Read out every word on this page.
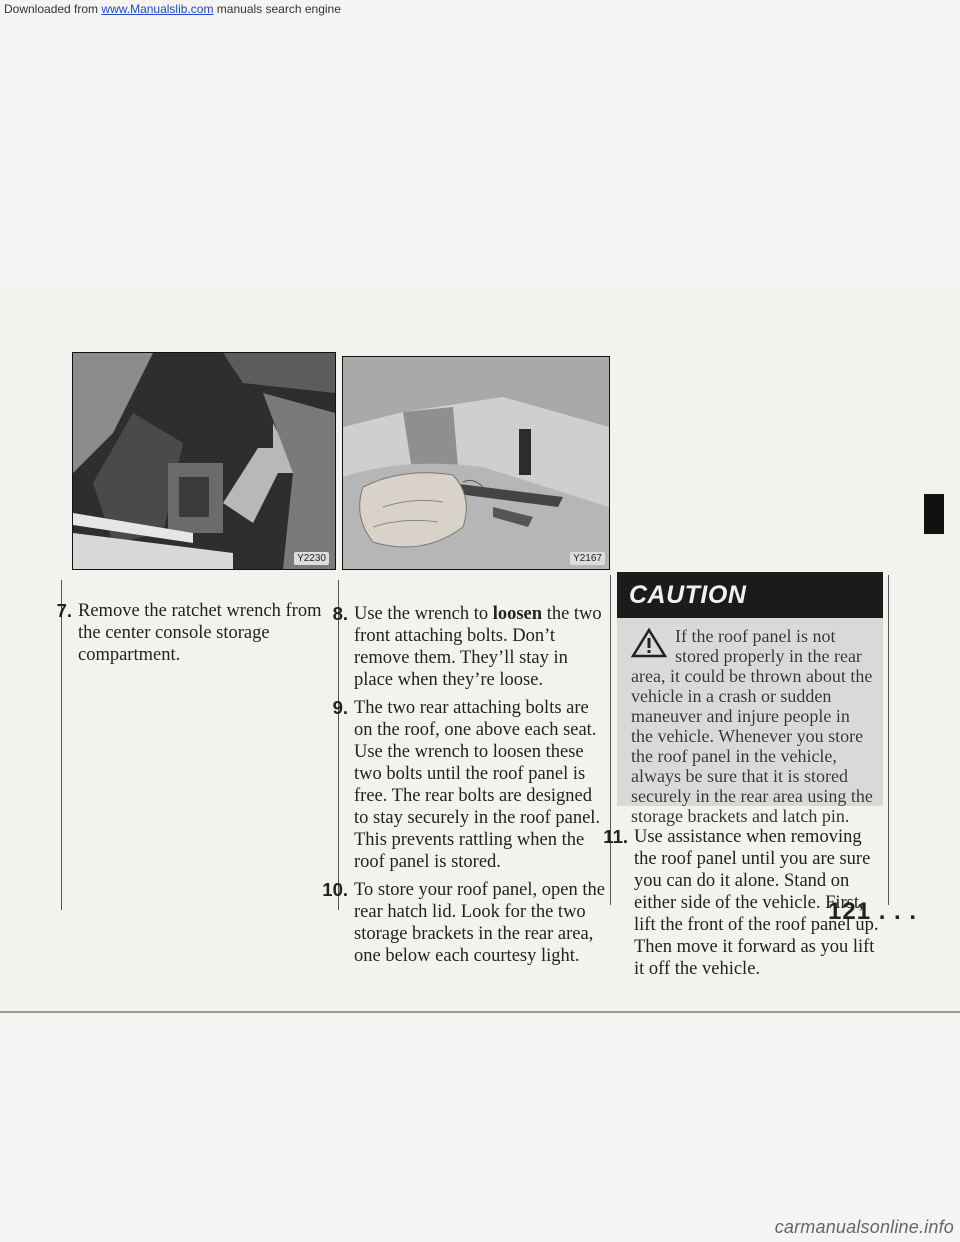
Downloaded from www.Manualslib.com manuals search engine
Y2230	Y2167
7. Remove the ratchet wrench from the center console storage compartment.
8. Use the wrench to loosen the two front attaching bolts. Don’t remove them. They’ll stay in place when they’re loose.
9. The two rear attaching bolts are on the roof, one above each seat. Use the wrench to loosen these two bolts until the roof panel is free. The rear bolts are designed to stay securely in the roof panel. This prevents rattling when the roof panel is stored.
10. To store your roof panel, open the rear hatch lid. Look for the two storage brackets in the rear area, one below each courtesy light.
CAUTION
If the roof panel is not stored properly in the rear area, it could be thrown about the vehicle in a crash or sudden maneuver and injure people in the vehicle. Whenever you store the roof panel in the vehicle, always be sure that it is stored securely in the rear area using the storage brackets and latch pin.
11. Use assistance when removing the roof panel until you are sure you can do it alone. Stand on either side of the vehicle. First, lift the front of the roof panel up. Then move it forward as you lift it off the vehicle.
121 . . .
carmanualsonline.info
